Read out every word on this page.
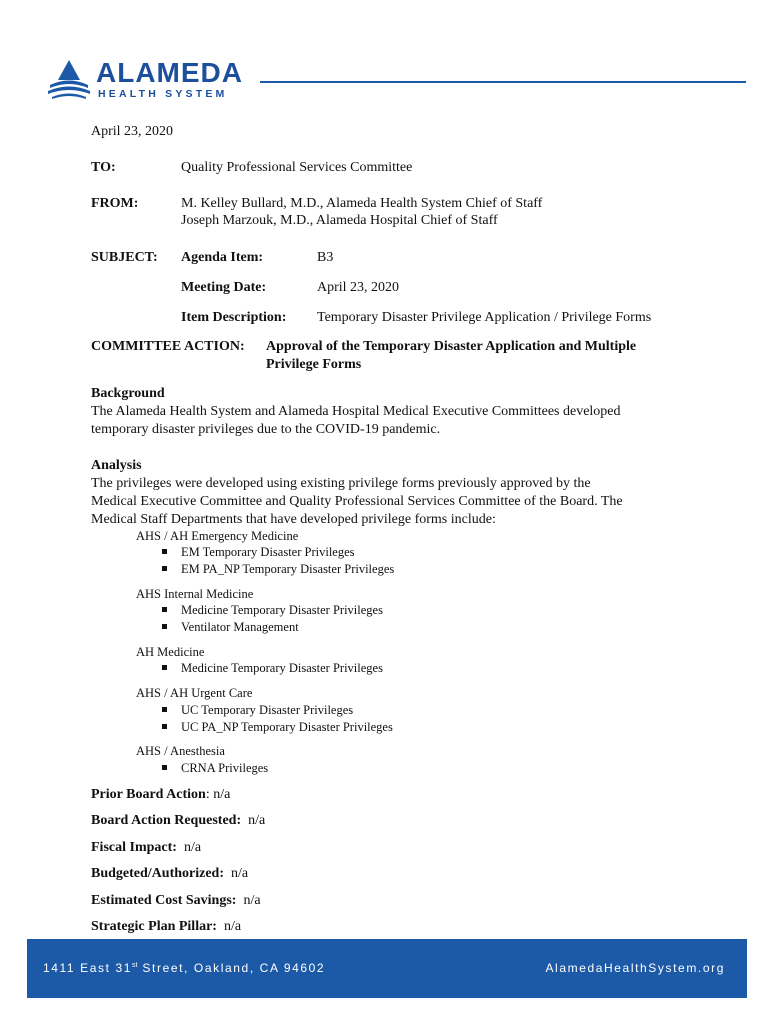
ALAMEDA
HEALTH SYSTEM
April 23, 2020
TO:	Quality Professional Services Committee
FROM:	M. Kelley Bullard, M.D., Alameda Health System Chief of Staff
Joseph Marzouk, M.D., Alameda Hospital Chief of Staff
SUBJECT: Agenda Item:	B3
Meeting Date:	April 23, 2020
Item Description: Temporary Disaster Privilege Application / Privilege Forms
COMMITTEE ACTION: Approval of the Temporary Disaster Application and Multiple
Privilege Forms
Background
The Alameda Health System and Alameda Hospital Medical Executive Committees developed
temporary disaster privileges due to the COVID-19 pandemic.
Analysis
The privileges were developed using existing privilege forms previously approved by the
Medical Executive Committee and Quality Professional Services Committee of the Board. The
Medical Staff Departments that have developed privilege forms include:
AHS / AH Emergency Medicine
EM Temporary Disaster Privileges
EM PA_NP Temporary Disaster Privileges
AHS Internal Medicine
Medicine Temporary Disaster Privileges
Ventilator Management
AH Medicine
Medicine Temporary Disaster Privileges
AHS / AH Urgent Care
UC Temporary Disaster Privileges
UC PA_NP Temporary Disaster Privileges
AHS / Anesthesia
CRNA Privileges
Prior Board Action: n/a
Board Action Requested: n/a
Fiscal Impact: n/a
Budgeted/Authorized: n/a
Estimated Cost Savings: n/a
Strategic Plan Pillar: n/a
1411 East 31st Street, Oakland, CA 94602	AlamedaHealthSystem.org
